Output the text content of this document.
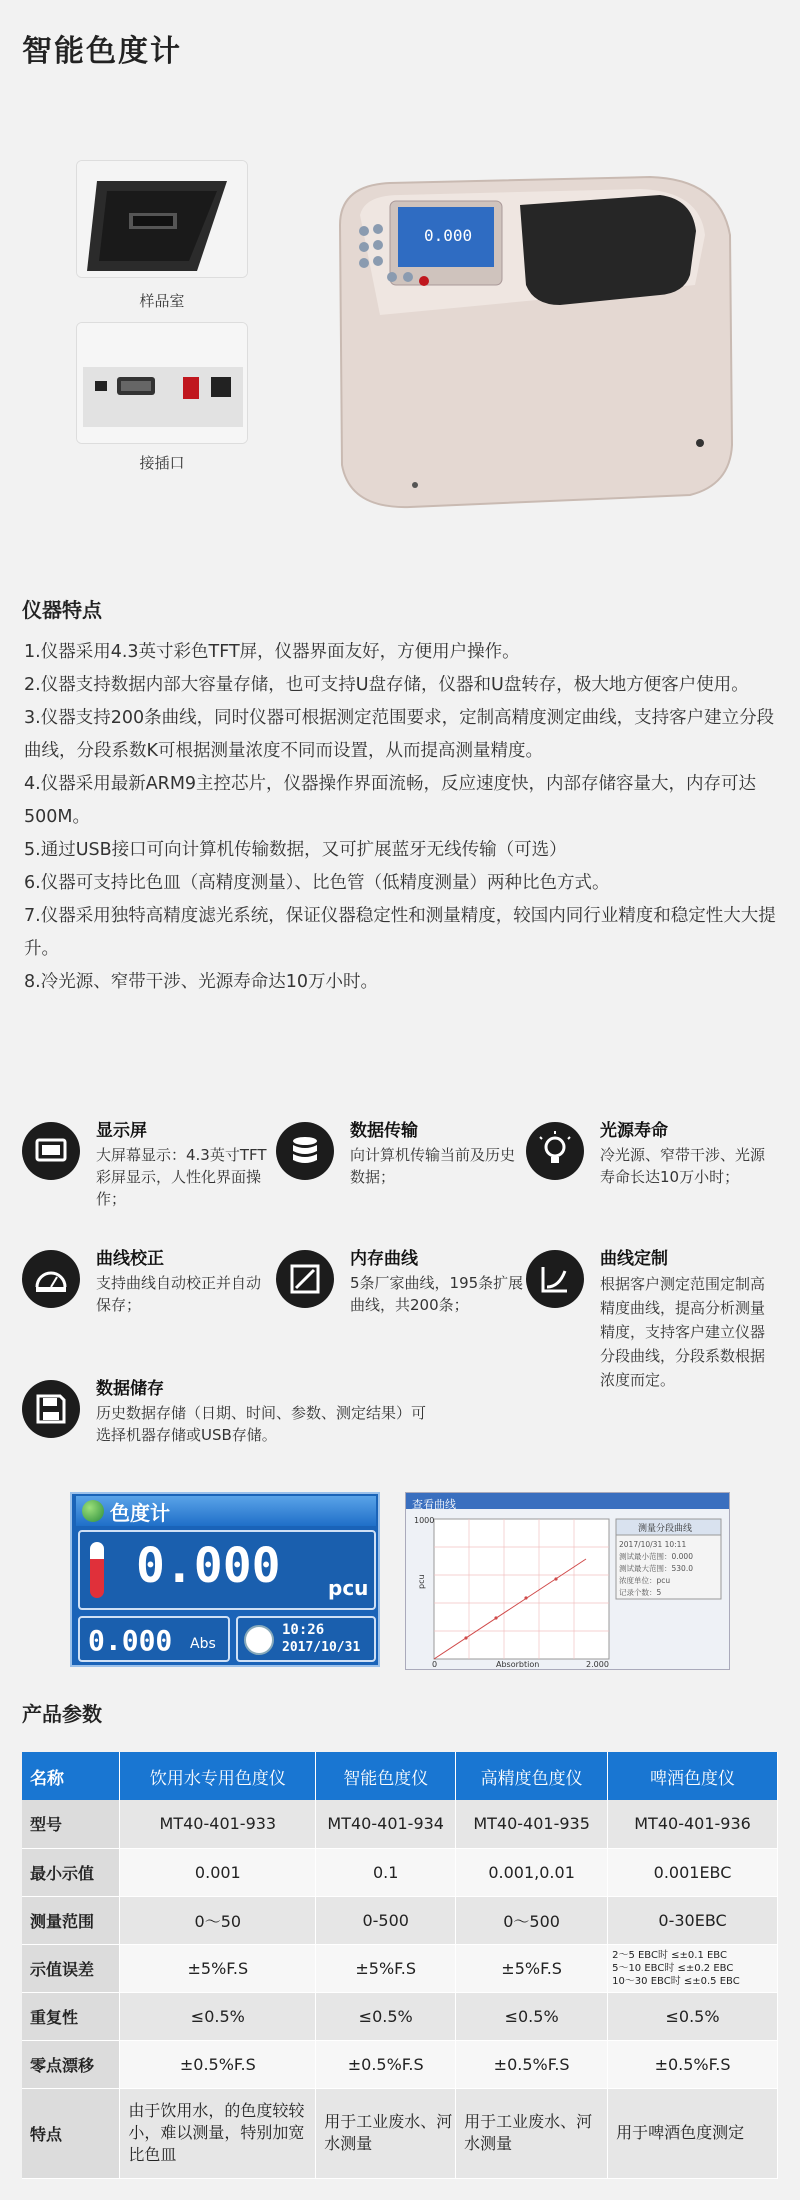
智能色度计
样品室
接插口
0.000
仪器特点
1.仪器采用4.3英寸彩色TFT屏，仪器界面友好，方便用户操作。
2.仪器支持数据内部大容量存储，也可支持U盘存储，仪器和U盘转存，极大地方便客户使用。
3.仪器支持200条曲线，同时仪器可根据测定范围要求，定制高精度测定曲线，支持客户建立分段曲线，分段系数K可根据测量浓度不同而设置，从而提高测量精度。
4.仪器采用最新ARM9主控芯片，仪器操作界面流畅，反应速度快，内部存储容量大，内存可达500M。
5.通过USB接口可向计算机传输数据，又可扩展蓝牙无线传输（可选）
6.仪器可支持比色皿（高精度测量）、比色管（低精度测量）两种比色方式。
7.仪器采用独特高精度滤光系统，保证仪器稳定性和测量精度，较国内同行业精度和稳定性大大提升。
8.冷光源、窄带干涉、光源寿命达10万小时。
显示屏
大屏幕显示：4.3英寸TFT彩屏显示，人性化界面操作；
数据传输
向计算机传输当前及历史数据；
光源寿命
冷光源、窄带干涉、光源寿命长达10万小时；
曲线校正
支持曲线自动校正并自动保存；
内存曲线
5条厂家曲线，195条扩展曲线，共200条；
曲线定制
根据客户测定范围定制高精度曲线，提高分析测量精度，支持客户建立仪器分段曲线，分段系数根据浓度而定。
数据储存
历史数据存储（日期、时间、参数、测定结果）可选择机器存储或USB存储。
色度计
0.000 pcu
0.000 Abs
10:26
2017/10/31
查看曲线
1000
pcu
0	Absorbtion	2.000
测量分段曲线
2017/10/31 10:11
测试最小范围：0.000
测试最大范围：530.0
浓度单位：pcu
记录个数：5
产品参数
名称	饮用水专用色度仪	智能色度仪	高精度色度仪	啤酒色度仪
型号	MT40-401-933	MT40-401-934	MT40-401-935	MT40-401-936
最小示值	0.001	0.1	0.001,0.01	0.001EBC
测量范围	0～50	0-500	0～500	0-30EBC
示值误差	±5%F.S	±5%F.S	±5%F.S	2～5 EBC时 ≤±0.1 EBC
5～10 EBC时 ≤±0.2 EBC
10～30 EBC时 ≤±0.5 EBC
重复性	≤0.5%	≤0.5%	≤0.5%	≤0.5%
零点漂移	±0.5%F.S	±0.5%F.S	±0.5%F.S	±0.5%F.S
特点	由于饮用水，的色度较较小，难以测量，特别加宽比色皿	用于工业废水、河水测量	用于工业废水、河水测量	用于啤酒色度测定
